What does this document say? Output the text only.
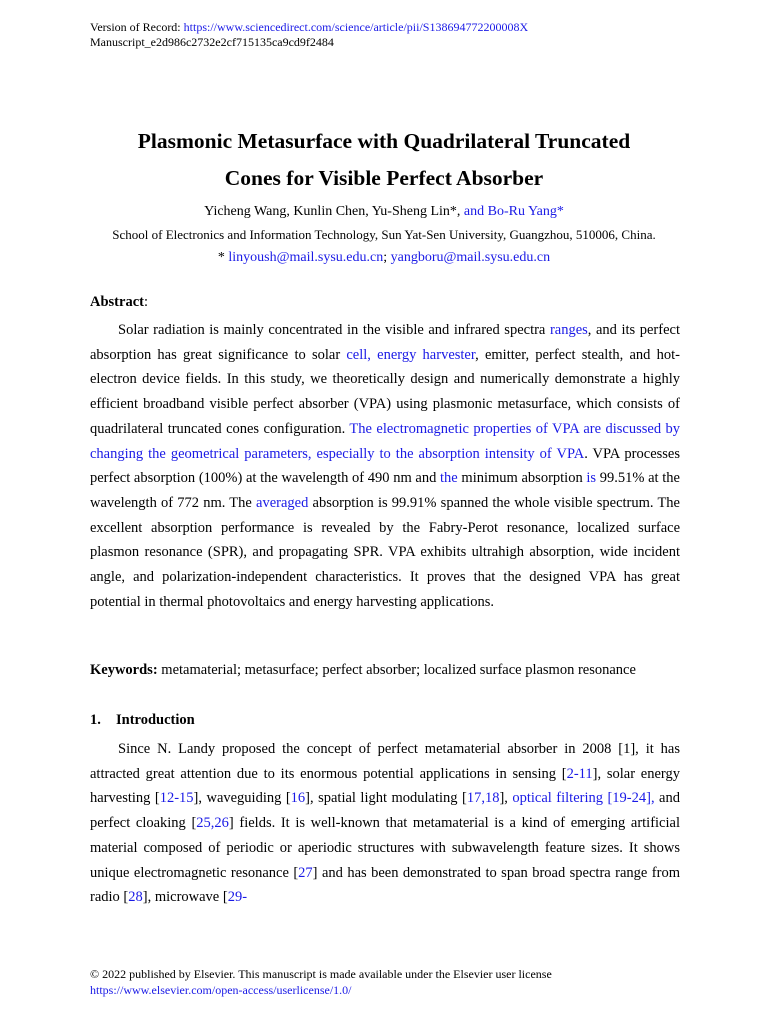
Version of Record: https://www.sciencedirect.com/science/article/pii/S138694772200008X
Manuscript_e2d986c2732e2cf715135ca9cd9f2484
Plasmonic Metasurface with Quadrilateral Truncated
Cones for Visible Perfect Absorber
Yicheng Wang, Kunlin Chen, Yu-Sheng Lin*, and Bo-Ru Yang*
School of Electronics and Information Technology, Sun Yat-Sen University, Guangzhou, 510006, China.
* linyoush@mail.sysu.edu.cn; yangboru@mail.sysu.edu.cn
Abstract:
Solar radiation is mainly concentrated in the visible and infrared spectra ranges, and its perfect absorption has great significance to solar cell, energy harvester, emitter, perfect stealth, and hot-electron device fields. In this study, we theoretically design and numerically demonstrate a highly efficient broadband visible perfect absorber (VPA) using plasmonic metasurface, which consists of quadrilateral truncated cones configuration. The electromagnetic properties of VPA are discussed by changing the geometrical parameters, especially to the absorption intensity of VPA. VPA processes perfect absorption (100%) at the wavelength of 490 nm and the minimum absorption is 99.51% at the wavelength of 772 nm. The averaged absorption is 99.91% spanned the whole visible spectrum. The excellent absorption performance is revealed by the Fabry-Perot resonance, localized surface plasmon resonance (SPR), and propagating SPR. VPA exhibits ultrahigh absorption, wide incident angle, and polarization-independent characteristics. It proves that the designed VPA has great potential in thermal photovoltaics and energy harvesting applications.
Keywords: metamaterial; metasurface; perfect absorber; localized surface plasmon resonance
1. Introduction
Since N. Landy proposed the concept of perfect metamaterial absorber in 2008 [1], it has attracted great attention due to its enormous potential applications in sensing [2-11], solar energy harvesting [12-15], waveguiding [16], spatial light modulating [17,18], optical filtering [19-24], and perfect cloaking [25,26] fields. It is well-known that metamaterial is a kind of emerging artificial material composed of periodic or aperiodic structures with subwavelength feature sizes. It shows unique electromagnetic resonance [27] and has been demonstrated to span broad spectra range from radio [28], microwave [29-
© 2022 published by Elsevier. This manuscript is made available under the Elsevier user license
https://www.elsevier.com/open-access/userlicense/1.0/
